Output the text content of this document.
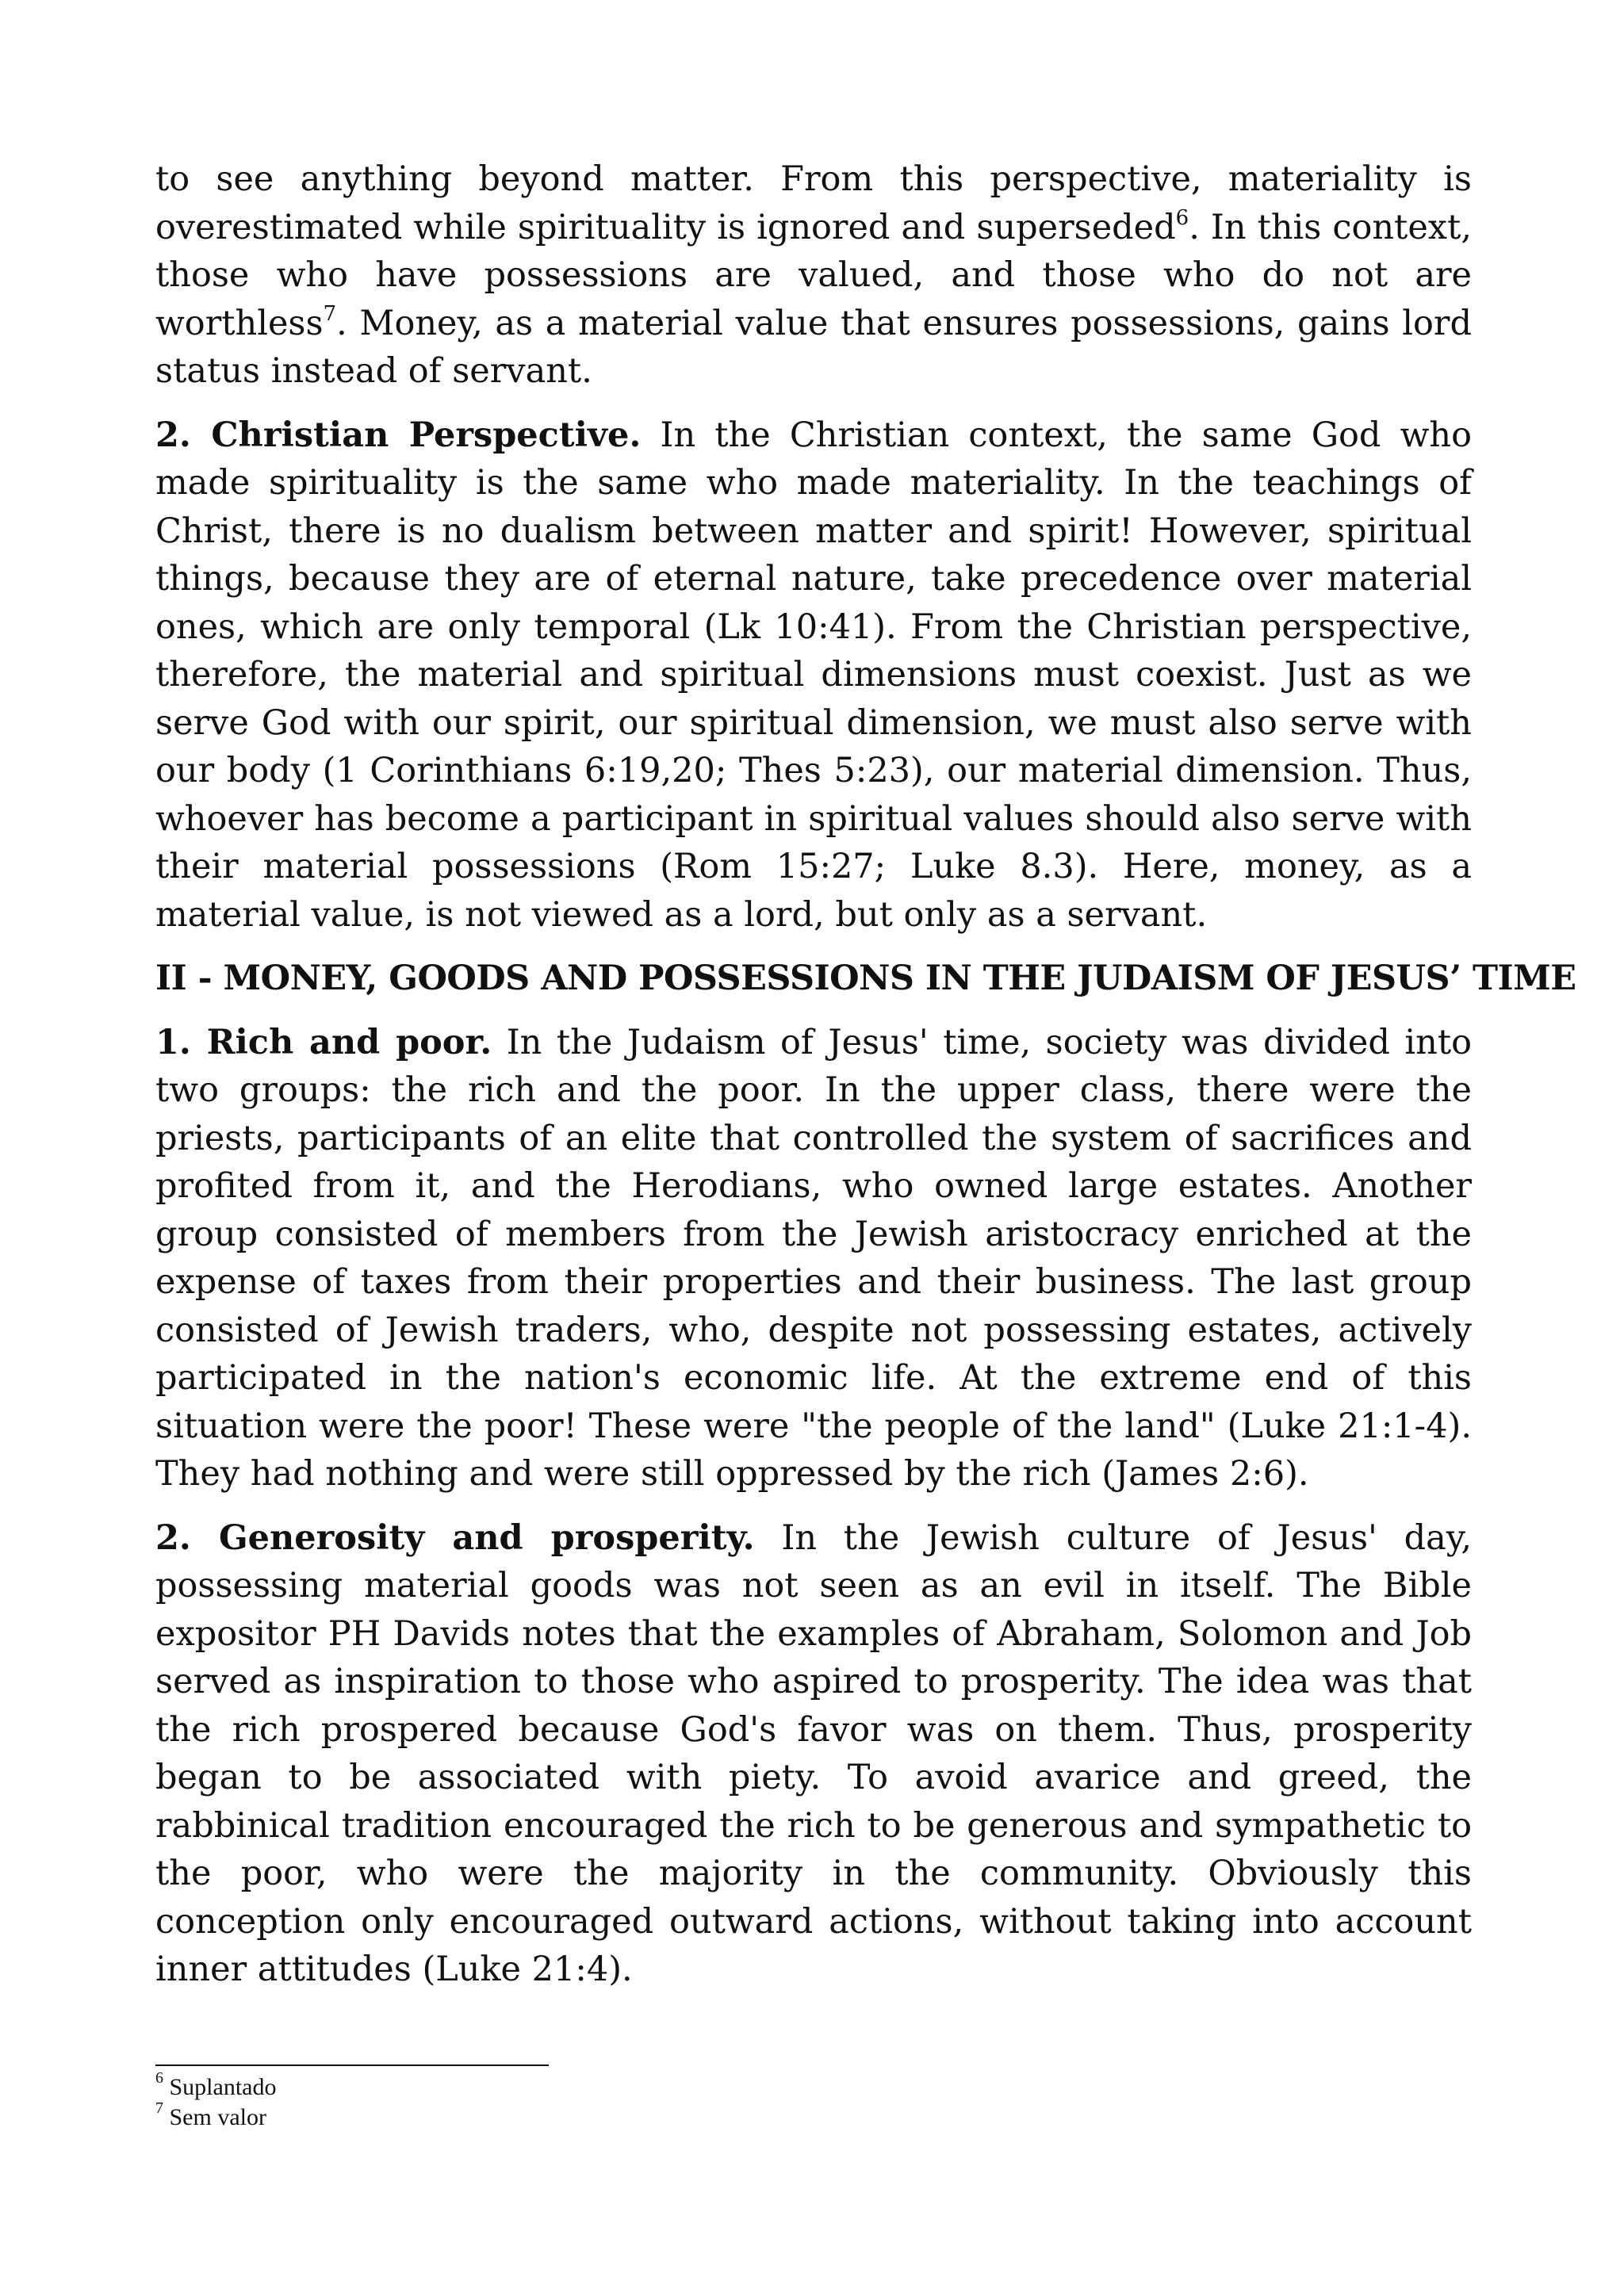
to see anything beyond matter. From this perspective, materiality is overestimated while spirituality is ignored and superseded$^6$. In this context, those who have possessions are valued, and those who do not are worthless$^7$. Money, as a material value that ensures possessions, gains lord status instead of servant.

2. Christian Perspective. In the Christian context, the same God who made spirituality is the same who made materiality. In the teachings of Christ, there is no dualism between matter and spirit! However, spiritual things, because they are of eternal nature, take precedence over material ones, which are only temporal (Lk 10:41). From the Christian perspective, therefore, the material and spiritual dimensions must coexist. Just as we serve God with our spirit, our spiritual dimension, we must also serve with our body (1 Corinthians 6:19,20; Thes 5:23), our material dimension. Thus, whoever has become a participant in spiritual values should also serve with their material possessions (Rom 15:27; Luke 8.3). Here, money, as a material value, is not viewed as a lord, but only as a servant.

II - MONEY, GOODS AND POSSESSIONS IN THE JUDAISM OF JESUS’ TIME

1. Rich and poor. In the Judaism of Jesus' time, society was divided into two groups: the rich and the poor. In the upper class, there were the priests, participants of an elite that controlled the system of sacrifices and profited from it, and the Herodians, who owned large estates. Another group consisted of members from the Jewish aristocracy enriched at the expense of taxes from their properties and their business. The last group consisted of Jewish traders, who, despite not possessing estates, actively participated in the nation's economic life. At the extreme end of this situation were the poor! These were "the people of the land" (Luke 21:1-4). They had nothing and were still oppressed by the rich (James 2:6).

2. Generosity and prosperity. In the Jewish culture of Jesus' day, possessing material goods was not seen as an evil in itself. The Bible expositor PH Davids notes that the examples of Abraham, Solomon and Job served as inspiration to those who aspired to prosperity. The idea was that the rich prospered because God's favor was on them. Thus, prosperity began to be associated with piety. To avoid avarice and greed, the rabbinical tradition encouraged the rich to be generous and sympathetic to the poor, who were the majority in the community. Obviously this conception only encouraged outward actions, without taking into account inner attitudes (Luke 21:4).

$^6$ Suplantado
$^7$ Sem valor
